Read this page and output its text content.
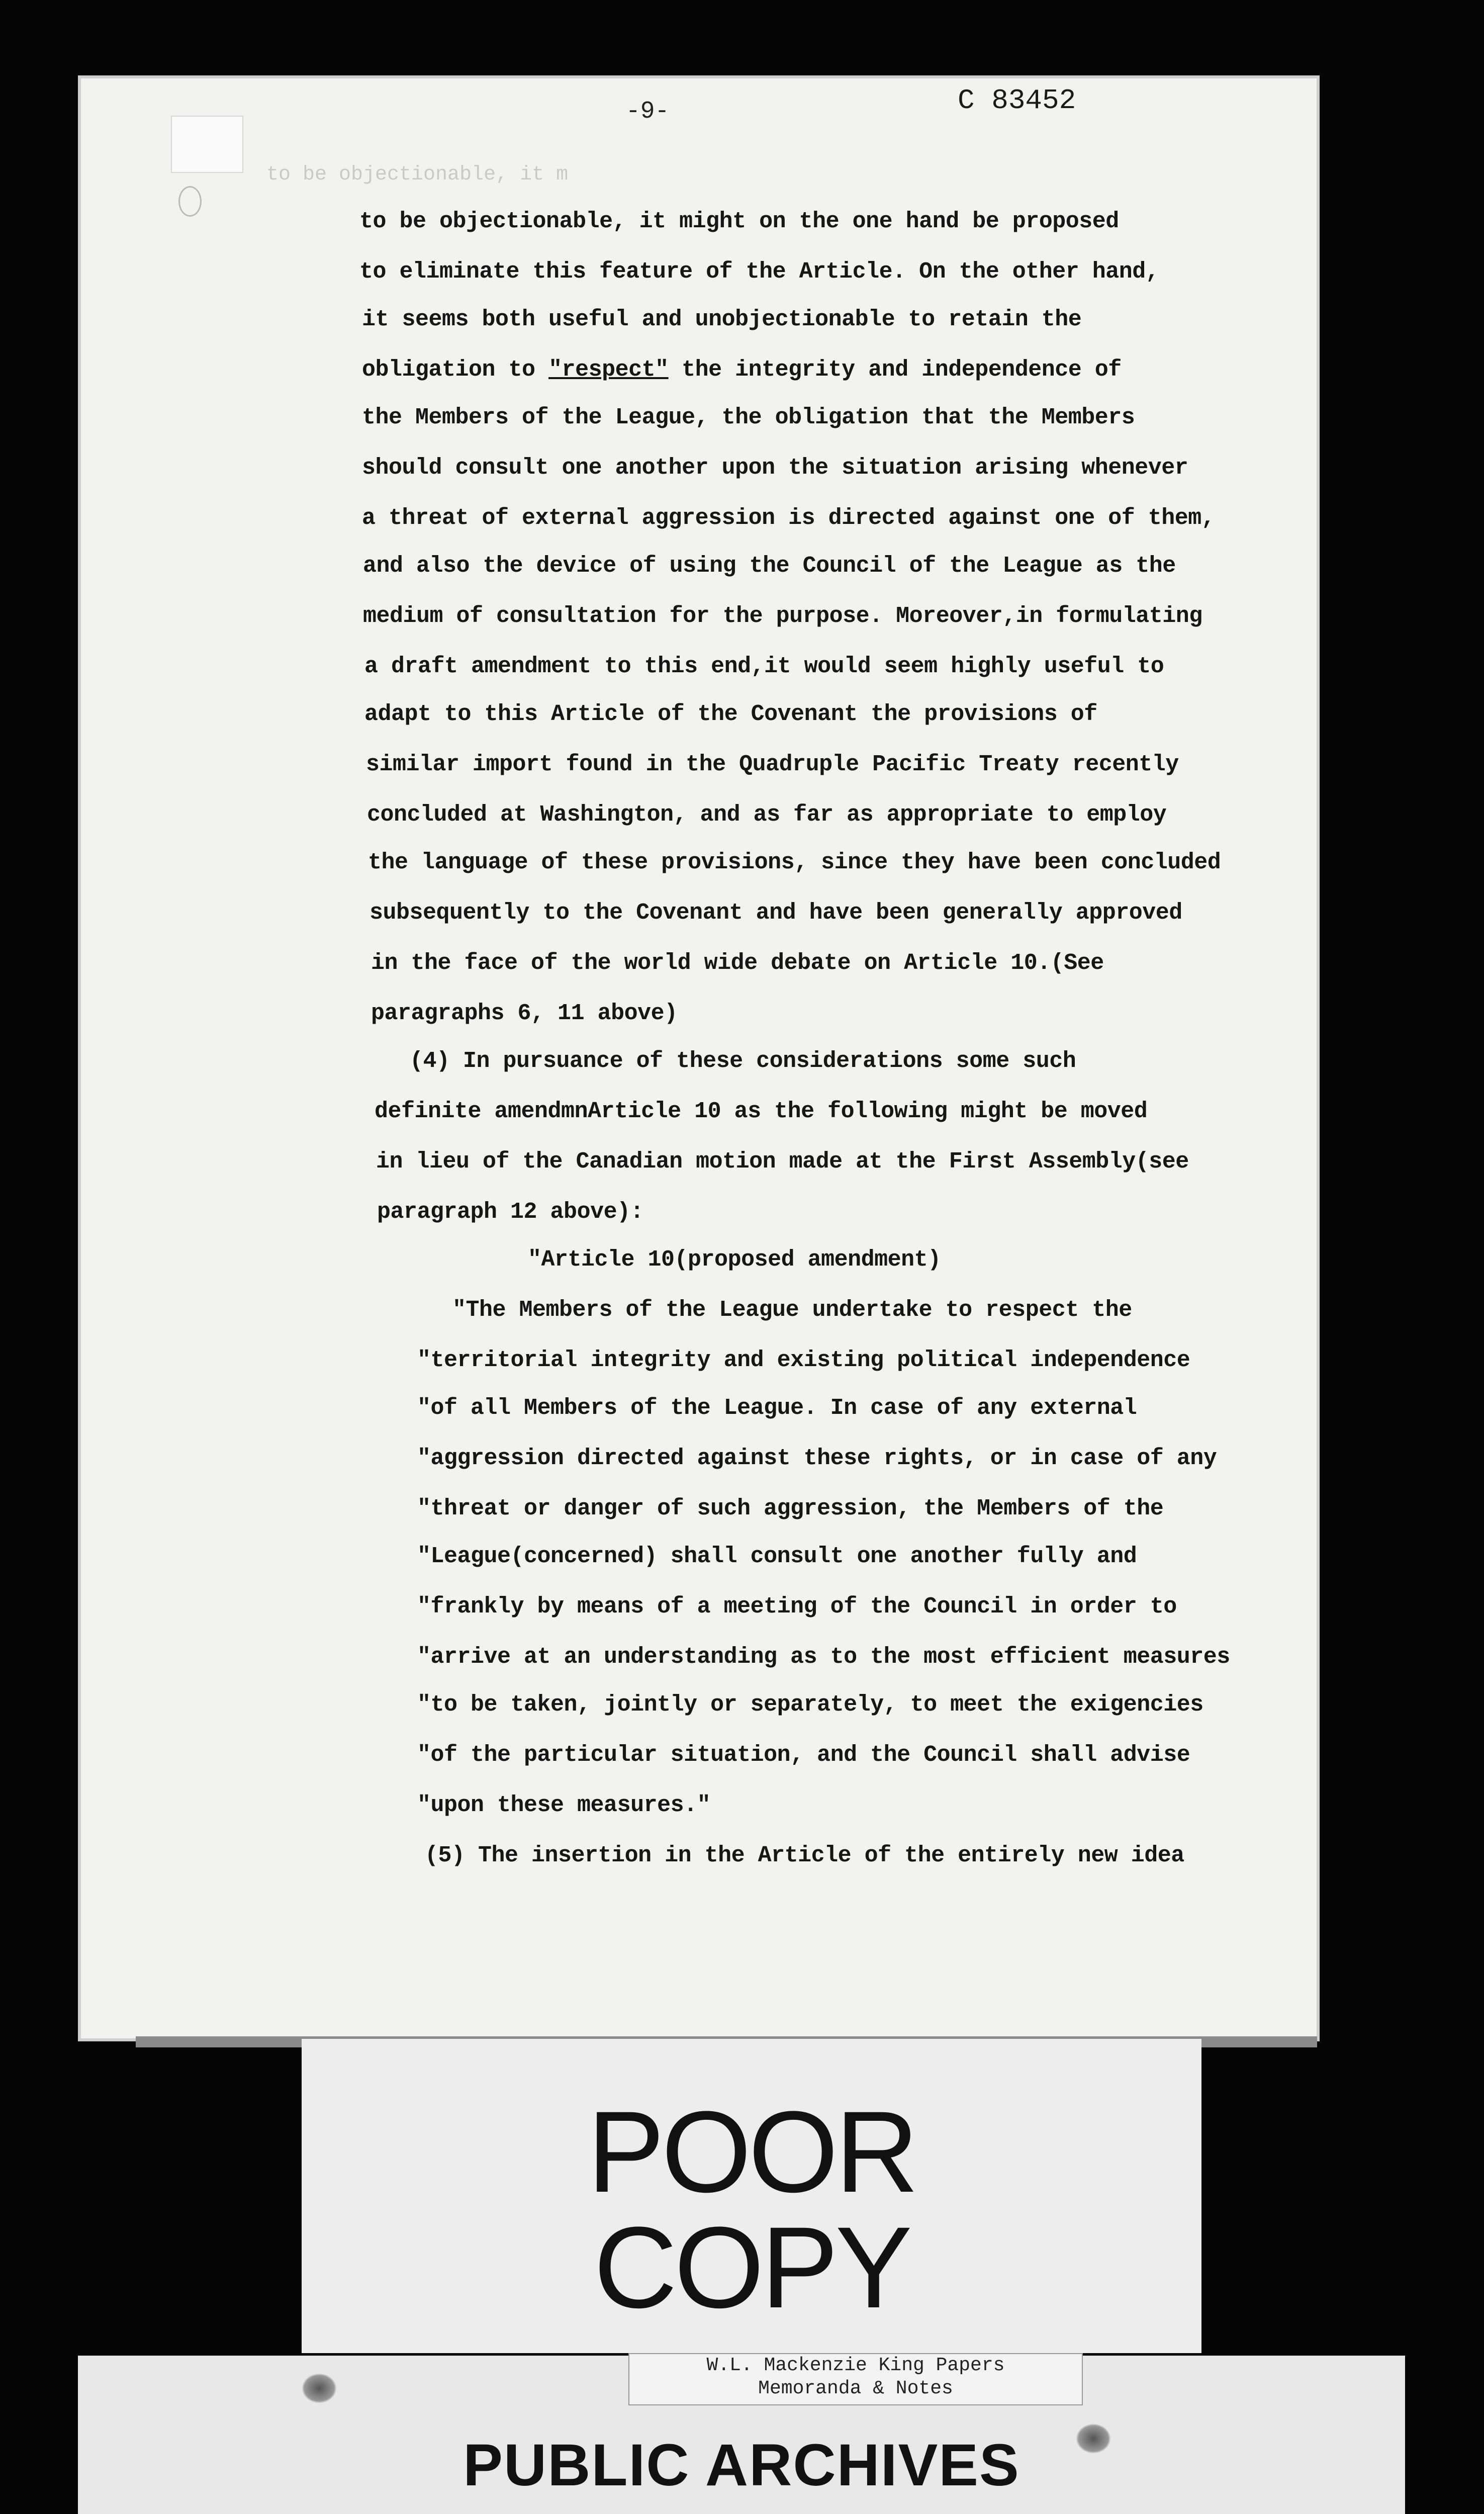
-9-	C 83452
to be objectionable, it m
to be objectionable, it might on the one hand be proposed
to eliminate this feature of the Article. On the other hand,
it seems both useful and unobjectionable to retain the
obligation to "respect" the integrity and independence of
the Members of the League, the obligation that the Members
should consult one another upon the situation arising whenever
a threat of external aggression is directed against one of them,
and also the device of using the Council of the League as the
medium of consultation for the purpose. Moreover,in formulating
a draft amendment to this end,it would seem highly useful to
adapt to this Article of the Covenant the provisions of
similar import found in the Quadruple Pacific Treaty recently
concluded at Washington, and as far as appropriate to employ
the language of these provisions, since they have been concluded
subsequently to the Covenant and have been generally approved
in the face of the world wide debate on Article 10.(See
paragraphs 6, 11 above)
(4) In pursuance of these considerations some such
definite amendmnArticle 10 as the following might be moved
in lieu of the Canadian motion made at the First Assembly(see
paragraph 12 above):
"Article 10(proposed amendment)
"The Members of the League undertake to respect the
"territorial integrity and existing political independence
"of all Members of the League. In case of any external
"aggression directed against these rights, or in case of any
"threat or danger of such aggression, the Members of the
"League(concerned) shall consult one another fully and
"frankly by means of a meeting of the Council in order to
"arrive at an understanding as to the most efficient measures
"to be taken, jointly or separately, to meet the exigencies
"of the particular situation, and the Council shall advise
"upon these measures."
(5) The insertion in the Article of the entirely new idea
POOR
COPY
PUBLIC ARCHIVES
W.L. Mackenzie King Papers
Memoranda & Notes
